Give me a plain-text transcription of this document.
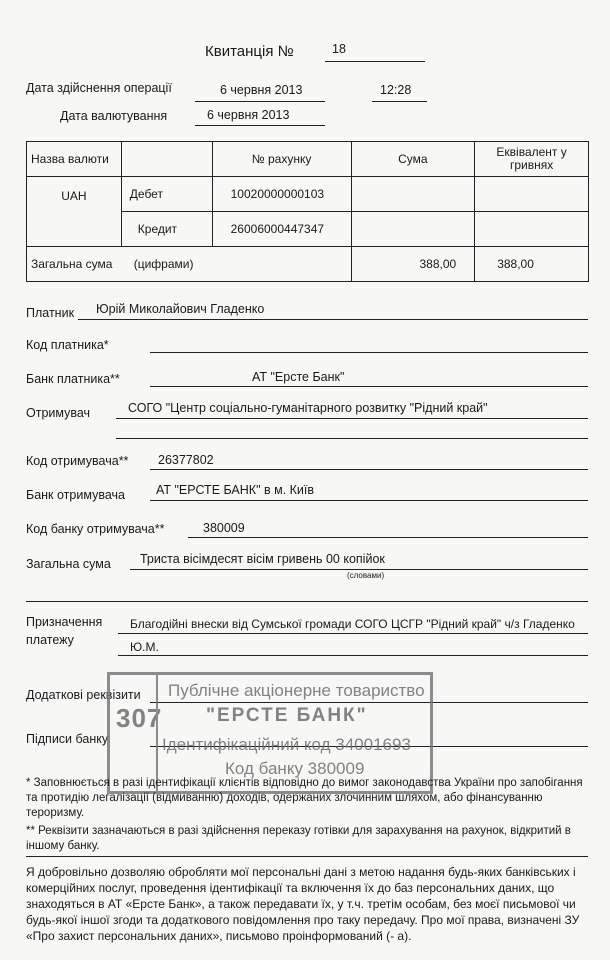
Квитанція №	18
Дата здійснення операції	6 червня 2013	12:28
Дата валютування	6 червня 2013
Назва валюти		№ рахунку	Сума	Еквівалент у гривнях
UAH	Дебет	10020000000103		
	Кредит	26006000447347		
Загальна сума (цифрами)			388,00	388,00
Платник Юрій Миколайович Гладенко
Код платника*
Банк платника**	АТ "Ерсте Банк"
Отримувач	СОГО "Центр соціально-гуманітарного розвитку "Рідний край"
Код отримувача** 26377802
Банк отримувача АТ "ЕРСТЕ БАНК" в м. Київ
Код банку отримувача**	380009
Загальна сума Триста вісімдесят вісім гривень 00 копійок
(словами)
Призначення
платежу
Благодійні внески від Сумської громади СОГО ЦСГР "Рідний край" ч/з Гладенко
Ю.М.
Додаткові реквізити
Підписи банку
307
Публічне акціонерне товариство
"ЕРСТЕ БАНК"
Ідентифікаційний код 34001693
Код банку 380009
* Заповнюється в разі ідентифікації клієнтів відповідно до вимог законодавства України про запобігання та протидію легалізації (відмиванню) доходів, одержаних злочинним шляхом, або фінансуванню тероризму.
** Реквізити зазначаються в разі здійснення переказу готівки для зарахування на рахунок, відкритий в іншому банку.
Я добровільно дозволяю обробляти мої персональні дані з метою надання будь-яких банківських і комерційних послуг, проведення ідентифікації та включення їх до баз персональних даних, що знаходяться в АТ «Ерсте Банк», а також передавати їх, у т.ч. третім особам, без моєї письмової чи будь-якої іншої згоди та додаткового повідомлення про таку передачу. Про мої права, визначені ЗУ «Про захист персональних даних», письмово проінформований (- а).
